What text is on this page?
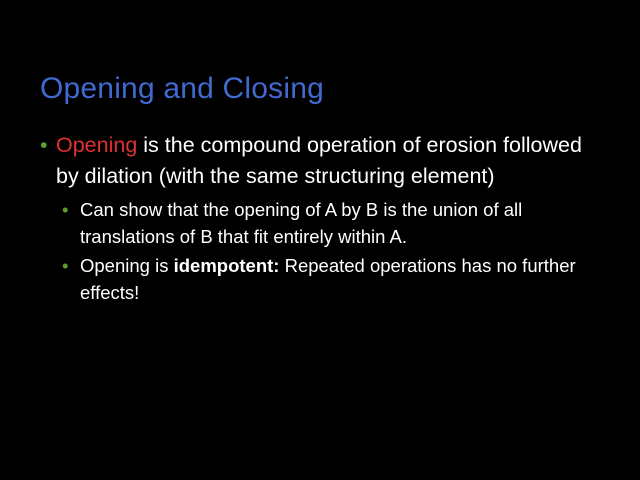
Opening and Closing
• Opening is the compound operation of erosion followed by dilation (with the same structuring element)
• Can show that the opening of A by B is the union of all translations of B that fit entirely within A.
• Opening is idempotent: Repeated operations has no further effects!
